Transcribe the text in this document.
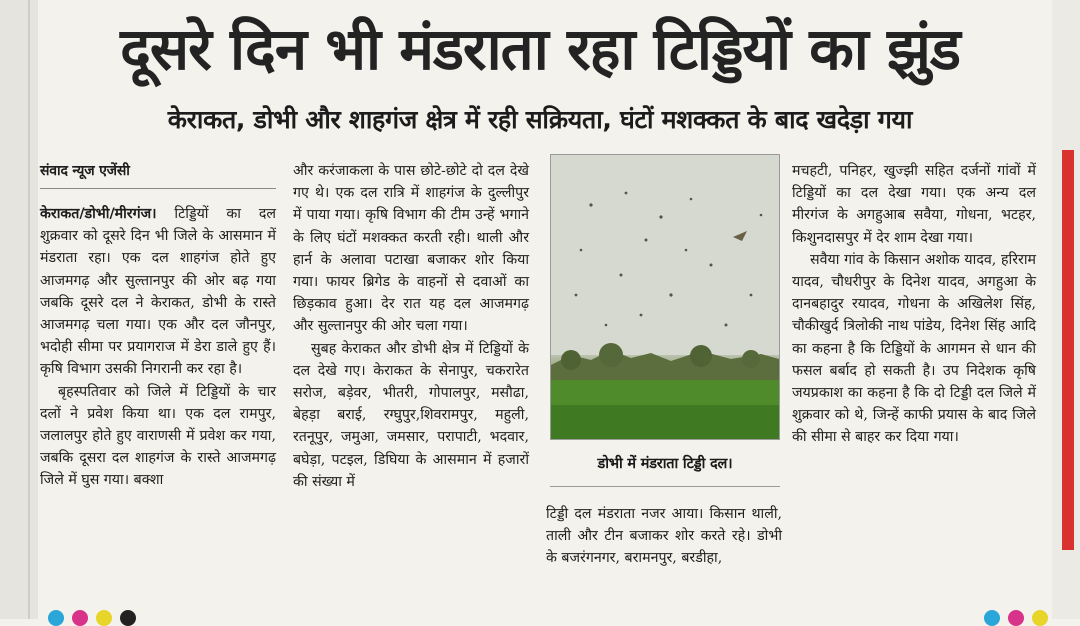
दूसरे दिन भी मंडराता रहा टिड्डियों का झुंड
केराकत, डोभी और शाहगंज क्षेत्र में रही सक्रियता, घंटों मशक्कत के बाद खदेड़ा गया
संवाद न्यूज एजेंसी

केराकत/डोभी/मीरगंज। टिड्डियों का दल शुक्रवार को दूसरे दिन भी जिले के आसमान में मंडराता रहा। एक दल शाहगंज होते हुए आजमगढ़ और सुल्तानपुर की ओर बढ़ गया जबकि दूसरे दल ने केराकत, डोभी के रास्ते आजमगढ़ चला गया। एक और दल जौनपुर, भदोही सीमा पर प्रयागराज में डेरा डाले हुए हैं। कृषि विभाग उसकी निगरानी कर रहा है।

बृहस्पतिवार को जिले में टिड्डियों के चार दलों ने प्रवेश किया था। एक दल रामपुर, जलालपुर होते हुए वाराणसी में प्रवेश कर गया, जबकि दूसरा दल शाहगंज के रास्ते आजमगढ़ जिले में घुस गया। बक्शा

और करंजाकला के पास छोटे-छोटे दो दल देखे गए थे। एक दल रात्रि में शाहगंज के दुल्लीपुर में पाया गया। कृषि विभाग की टीम उन्हें भगाने के लिए घंटों मशक्कत करती रही। थाली और हार्न के अलावा पटाखा बजाकर शोर किया गया। फायर ब्रिगेड के वाहनों से दवाओं का छिड़काव हुआ। देर रात यह दल आजमगढ़ और सुल्तानपुर की ओर चला गया।

सुबह केराकत और डोभी क्षेत्र में टिड्डियों के दल देखे गए। केराकत के सेनापुर, चकरारेत सरोज, बड़ेवर, भीतरी, गोपालपुर, मसौढा, बेहड़ा बराई, रग्घुपुर,शिवरामपुर, महुली, रतनूपुर, जमुआ, जमसार, परापाटी, भदवार, बघेड़ा, पटइल, डिघिया के आसमान में हजारों की संख्या में

डोभी में मंडराता टिड्डी दल।

टिड्डी दल मंडराता नजर आया। किसान थाली, ताली और टीन बजाकर शोर करते रहे। डोभी के बजरंगनगर, बरामनपुर, बरडीहा,

मचहटी, पनिहर, खुज्झी सहित दर्जनों गांवों में टिड्डियों का दल देखा गया। एक अन्य दल मीरगंज के अगहुआब सवैया, गोधना, भटहर, किशुनदासपुर में देर शाम देखा गया।

सवैया गांव के किसान अशोक यादव, हरिराम यादव, चौधरीपुर के दिनेश यादव, अगहुआ के दानबहादुर रयादव, गोधना के अखिलेश सिंह, चौकीखुर्द त्रिलोकी नाथ पांडेय, दिनेश सिंह आदि का कहना है कि टिड्डियों के आगमन से धान की फसल बर्बाद हो सकती है। उप निदेशक कृषि जयप्रकाश का कहना है कि दो टिड्डी दल जिले में शुक्रवार को थे, जिन्हें काफी प्रयास के बाद जिले की सीमा से बाहर कर दिया गया।
